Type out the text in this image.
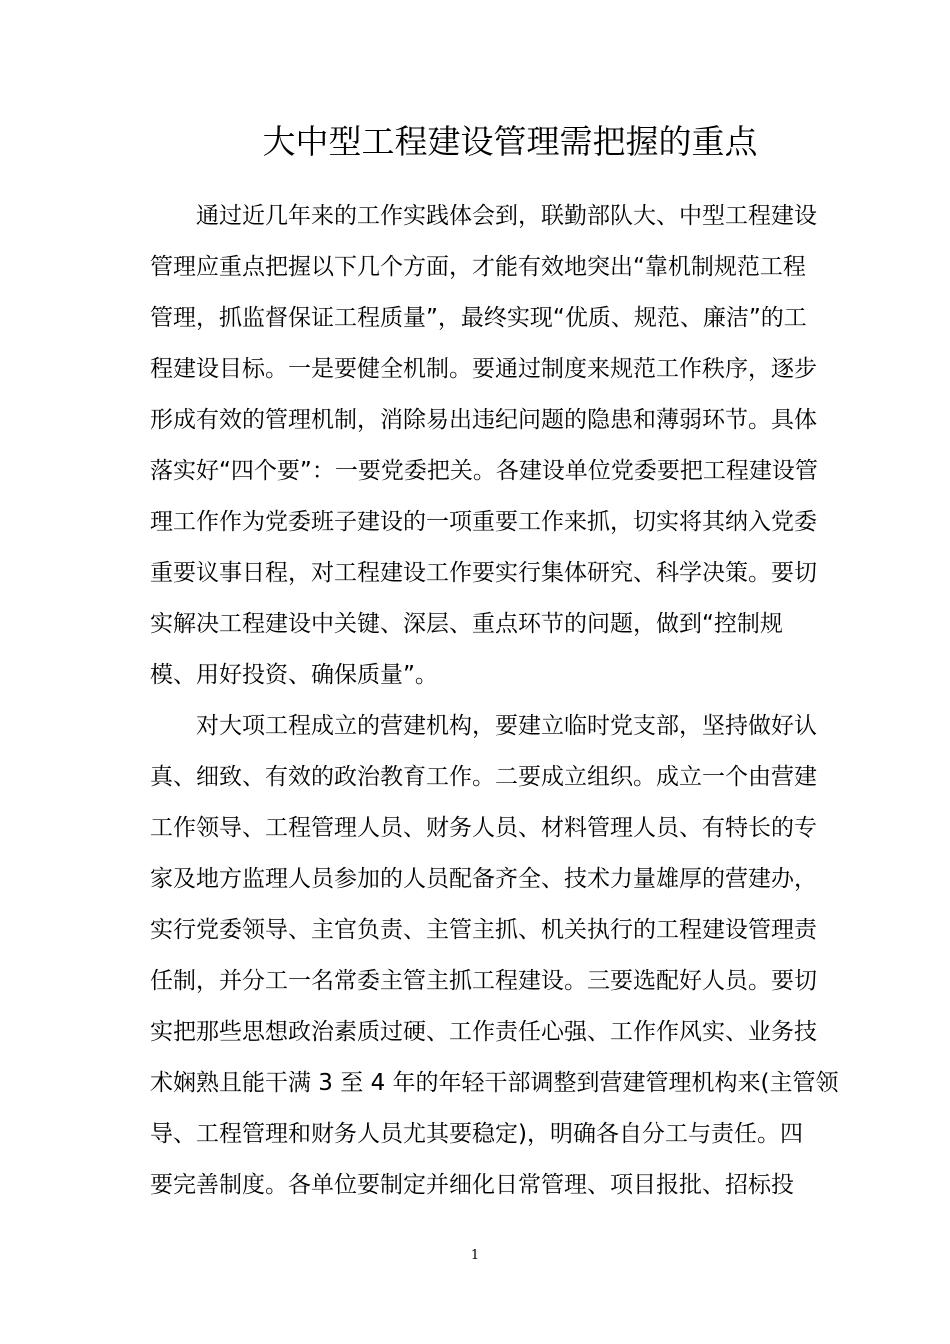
大中型工程建设管理需把握的重点

　　通过近几年来的工作实践体会到，联勤部队大、中型工程建设

管理应重点把握以下几个方面，才能有效地突出“靠机制规范工程

管理，抓监督保证工程质量”，最终实现“优质、规范、廉洁”的工

程建设目标。一是要健全机制。要通过制度来规范工作秩序，逐步

形成有效的管理机制，消除易出违纪问题的隐患和薄弱环节。具体

落实好“四个要”：一要党委把关。各建设单位党委要把工程建设管

理工作作为党委班子建设的一项重要工作来抓，切实将其纳入党委

重要议事日程，对工程建设工作要实行集体研究、科学决策。要切

实解决工程建设中关键、深层、重点环节的问题，做到“控制规

模、用好投资、确保质量”。

　　对大项工程成立的营建机构，要建立临时党支部，坚持做好认

真、细致、有效的政治教育工作。二要成立组织。成立一个由营建

工作领导、工程管理人员、财务人员、材料管理人员、有特长的专

家及地方监理人员参加的人员配备齐全、技术力量雄厚的营建办，

实行党委领导、主官负责、主管主抓、机关执行的工程建设管理责

任制，并分工一名常委主管主抓工程建设。三要选配好人员。要切

实把那些思想政治素质过硬、工作责任心强、工作作风实、业务技

术娴熟且能干满 3 至 4 年的年轻干部调整到营建管理机构来(主管领

导、工程管理和财务人员尤其要稳定)，明确各自分工与责任。四

要完善制度。各单位要制定并细化日常管理、项目报批、招标投

1
